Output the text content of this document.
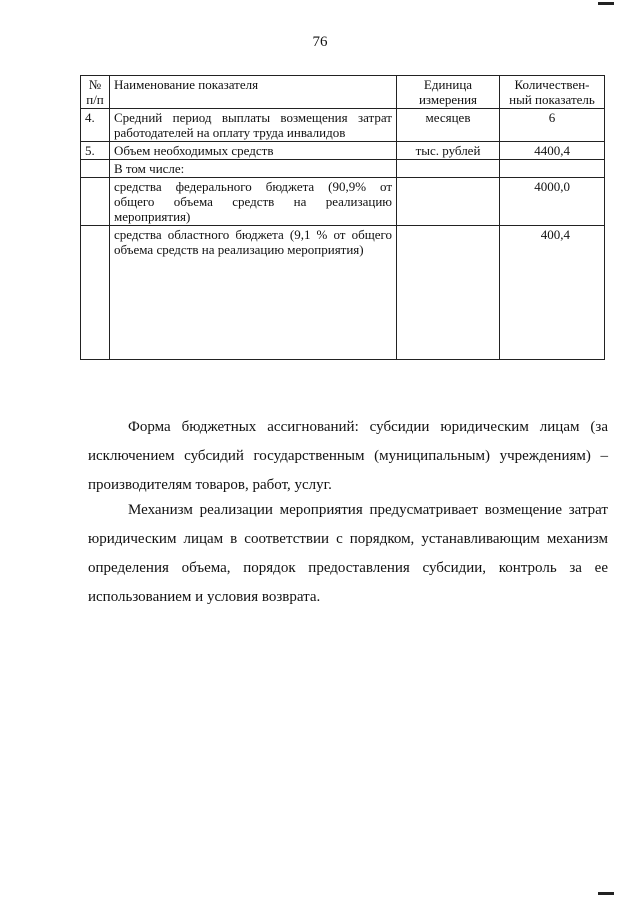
76
№ п/п	Наименование показателя	Единица измерения	Количествен-ный показатель
4.	Средний период выплаты возмещения затрат работодателей на оплату труда инвалидов	месяцев	6
5.	Объем необходимых средств	тыс. рублей	4400,4
	В том числе:		
	средства федерального бюджета (90,9% от общего объема средств на реализацию мероприятия)		4000,0
	средства областного бюджета (9,1 % от общего объема средств на реализацию мероприятия)		400,4

Форма бюджетных ассигнований: субсидии юридическим лицам (за исключением субсидий государственным (муниципальным) учреждениям) – производителям товаров, работ, услуг.

Механизм реализации мероприятия предусматривает возмещение затрат юридическим лицам в соответствии с порядком, устанавливающим механизм определения объема, порядок предоставления субсидии, контроль за ее использованием и условия возврата.
